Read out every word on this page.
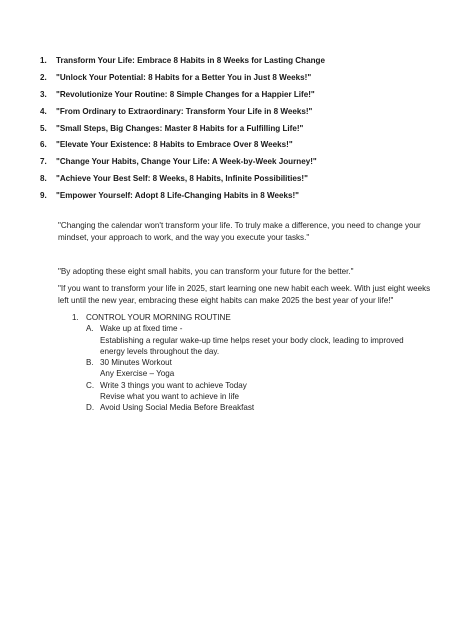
1.	Transform Your Life: Embrace 8 Habits in 8 Weeks for Lasting Change
2.	"Unlock Your Potential: 8 Habits for a Better You in Just 8 Weeks!"
3.	"Revolutionize Your Routine: 8 Simple Changes for a Happier Life!"
4.	"From Ordinary to Extraordinary: Transform Your Life in 8 Weeks!"
5.	"Small Steps, Big Changes: Master 8 Habits for a Fulfilling Life!"
6.	"Elevate Your Existence: 8 Habits to Embrace Over 8 Weeks!"
7.	"Change Your Habits, Change Your Life: A Week-by-Week Journey!"
8.	"Achieve Your Best Self: 8 Weeks, 8 Habits, Infinite Possibilities!"
9.	"Empower Yourself: Adopt 8 Life-Changing Habits in 8 Weeks!"

"Changing the calendar won't transform your life. To truly make a difference, you need to change your mindset, your approach to work, and the way you execute your tasks."

"By adopting these eight small habits, you can transform your future for the better."

"If you want to transform your life in 2025, start learning one new habit each week. With just eight weeks left until the new year, embracing these eight habits can make 2025 the best year of your life!"

1. CONTROL YOUR MORNING ROUTINE
A. Wake up at fixed time -
Establishing a regular wake-up time helps reset your body clock, leading to improved energy levels throughout the day.
B. 30 Minutes Workout
Any Exercise – Yoga
C. Write 3 things you want to achieve Today
Revise what you want to achieve in life
D. Avoid Using Social Media Before Breakfast
